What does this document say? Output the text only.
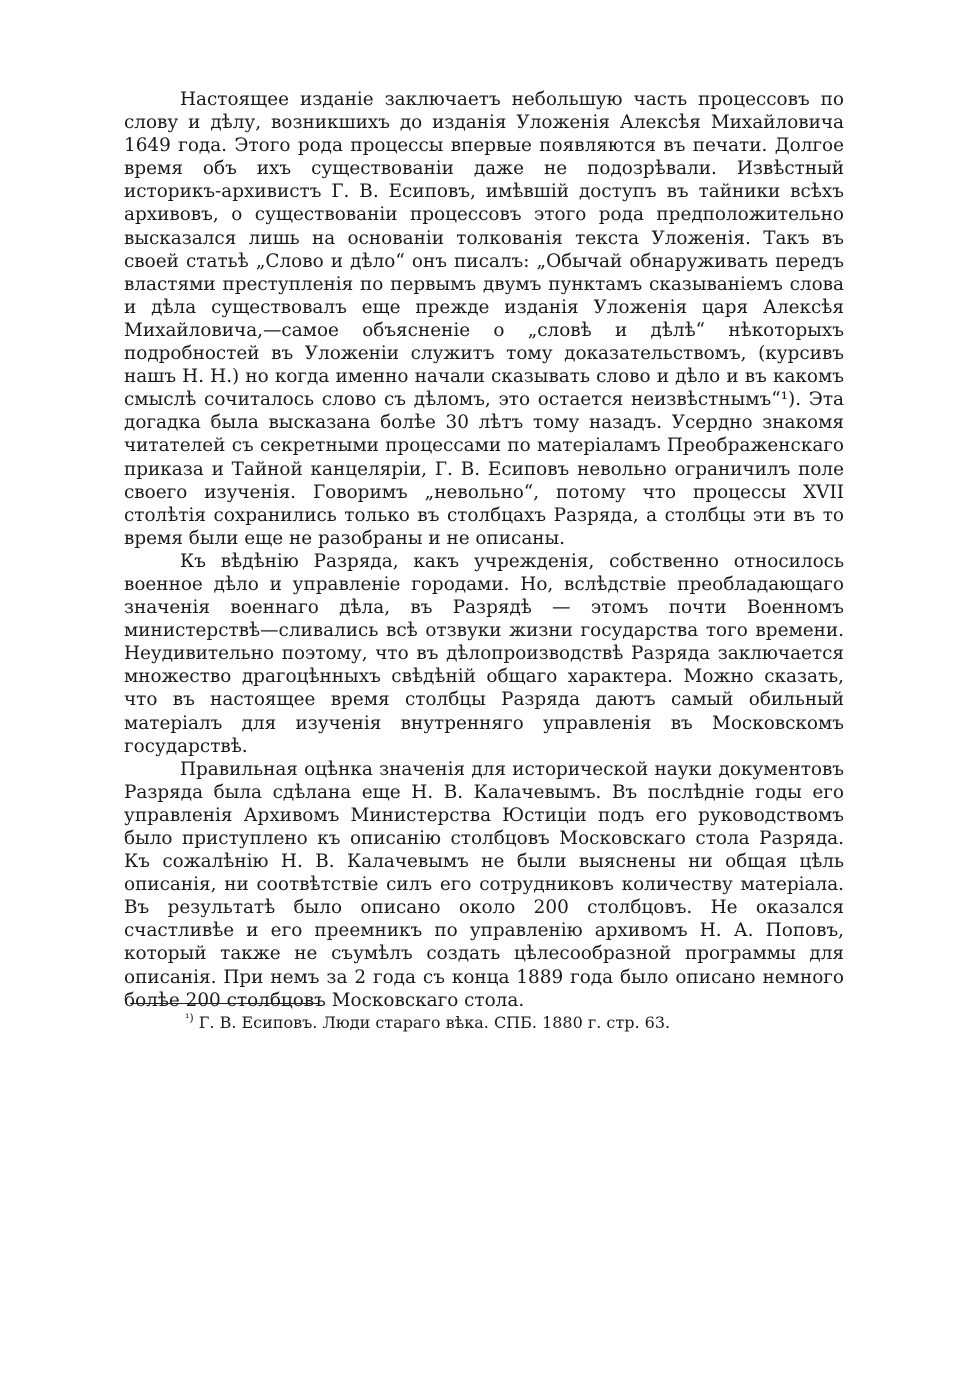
Настоящее изданіе заключаетъ небольшую часть процессовъ по слову и дѣлу, возникшихъ до изданія Уложенія Алексѣя Михайловича 1649 года. Этого рода процессы впервые появляются въ печати. Долгое время объ ихъ существованіи даже не подозрѣвали. Извѣстный историкъ-архивистъ Г. В. Есиповъ, имѣвшій доступъ въ тайники всѣхъ архивовъ, о существованіи процессовъ этого рода предположительно высказался лишь на основаніи толкованія текста Уложенія. Такъ въ своей статьѣ „Слово и дѣло“ онъ писалъ: „Обычай обнаруживать передъ властями преступленія по первымъ двумъ пунктамъ сказываніемъ слова и дѣла существовалъ еще прежде изданія Уложенія царя Алексѣя Михайловича,—самое объясненіе о „словѣ и дѣлѣ“ нѣкоторыхъ подробностей въ Уложеніи служитъ тому доказательствомъ, (курсивъ нашъ Н. Н.) но когда именно начали сказывать слово и дѣло и въ какомъ смыслѣ сочиталось слово съ дѣломъ, это остается неизвѣстнымъ“¹). Эта догадка была высказана болѣе 30 лѣтъ тому назадъ. Усердно знакомя читателей съ секретными процессами по матеріаламъ Преображенскаго приказа и Тайной канцеляріи, Г. В. Есиповъ невольно ограничилъ поле своего изученія. Говоримъ „невольно“, потому что процессы XVII столѣтія сохранились только въ столбцахъ Разряда, а столбцы эти въ то время были еще не разобраны и не описаны.

Къ вѣдѣнію Разряда, какъ учрежденія, собственно относилось военное дѣло и управленіе городами. Но, вслѣдствіе преобладающаго значенія военнаго дѣла, въ Разрядѣ — этомъ почти Военномъ министерствѣ—сливались всѣ отзвуки жизни государства того времени. Неудивительно поэтому, что въ дѣлопроизводствѣ Разряда заключается множество драгоцѣнныхъ свѣдѣній общаго характера. Можно сказать, что въ настоящее время столбцы Разряда даютъ самый обильный матеріалъ для изученія внутренняго управленія въ Московскомъ государствѣ.

Правильная оцѣнка значенія для исторической науки документовъ Разряда была сдѣлана еще Н. В. Калачевымъ. Въ послѣдніе годы его управленія Архивомъ Министерства Юстиціи подъ его руководствомъ было приступлено къ описанію столбцовъ Московскаго стола Разряда. Къ сожалѣнію Н. В. Калачевымъ не были выяснены ни общая цѣль описанія, ни соотвѣтствіе силъ его сотрудниковъ количеству матеріала. Въ результатѣ было описано около 200 столбцовъ. Не оказался счастливѣе и его преемникъ по управленію архивомъ Н. А. Поповъ, который также не съумѣлъ создать цѣлесообразной программы для описанія. При немъ за 2 года съ конца 1889 года было описано немного болѣе 200 столбцовъ Московскаго стола.

$^{^1)}$ Г. В. Есиповъ. Люди стараго вѣка. СПБ. 1880 г. стр. 63.
